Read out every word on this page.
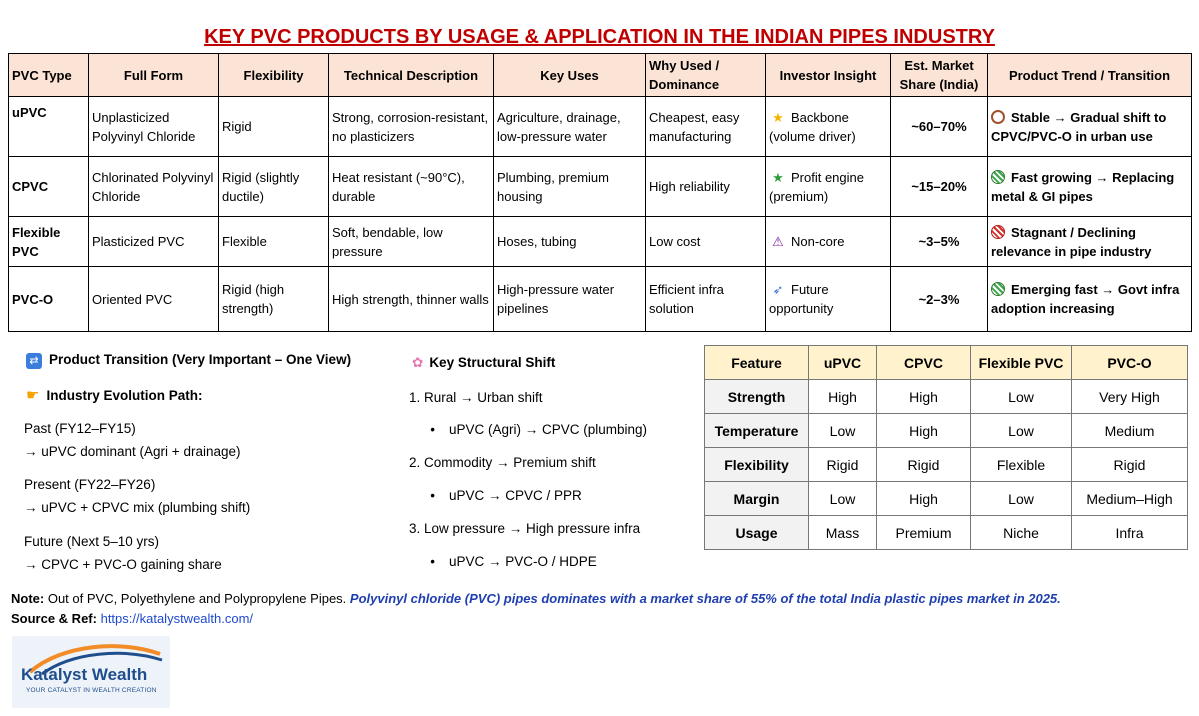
KEY PVC PRODUCTS BY USAGE & APPLICATION IN THE INDIAN PIPES INDUSTRY
PVC Type	Full Form	Flexibility	Technical Description	Key Uses	Why Used / Dominance	Investor Insight	Est. Market Share (India)	Product Trend / Transition
uPVC	Unplasticized Polyvinyl Chloride	Rigid	Strong, corrosion-resistant, no plasticizers	Agriculture, drainage, low-pressure water	Cheapest, easy manufacturing	★ Backbone (volume driver)	~60–70%	Stable → Gradual shift to CPVC/PVC-O in urban use
CPVC	Chlorinated Polyvinyl Chloride	Rigid (slightly ductile)	Heat resistant (~90°C), durable	Plumbing, premium housing	High reliability	★ Profit engine (premium)	~15–20%	Fast growing → Replacing metal & GI pipes
Flexible PVC	Plasticized PVC	Flexible	Soft, bendable, low pressure	Hoses, tubing	Low cost	⚠ Non-core	~3–5%	Stagnant / Declining relevance in pipe industry
PVC-O	Oriented PVC	Rigid (high strength)	High strength, thinner walls	High-pressure water pipelines	Efficient infra solution	➶ Future opportunity	~2–3%	Emerging fast → Govt infra adoption increasing
⇄ Product Transition (Very Important – One View)
☛ Industry Evolution Path:
Past (FY12–FY15)
→ uPVC dominant (Agri + drainage)
Present (FY22–FY26)
→ uPVC + CPVC mix (plumbing shift)
Future (Next 5–10 yrs)
→ CPVC + PVC-O gaining share
✿ Key Structural Shift
1. Rural → Urban shift
• uPVC (Agri) → CPVC (plumbing)
2. Commodity → Premium shift
• uPVC → CPVC / PPR
3. Low pressure → High pressure infra
• uPVC → PVC-O / HDPE
Feature	uPVC	CPVC	Flexible PVC	PVC-O
Strength	High	High	Low	Very High
Temperature	Low	High	Low	Medium
Flexibility	Rigid	Rigid	Flexible	Rigid
Margin	Low	High	Low	Medium–High
Usage	Mass	Premium	Niche	Infra
Note: Out of PVC, Polyethylene and Polypropylene Pipes. Polyvinyl chloride (PVC) pipes dominates with a market share of 55% of the total India plastic pipes market in 2025.
Source & Ref: https://katalystwealth.com/
Katalyst Wealth
YOUR CATALYST IN WEALTH CREATION
